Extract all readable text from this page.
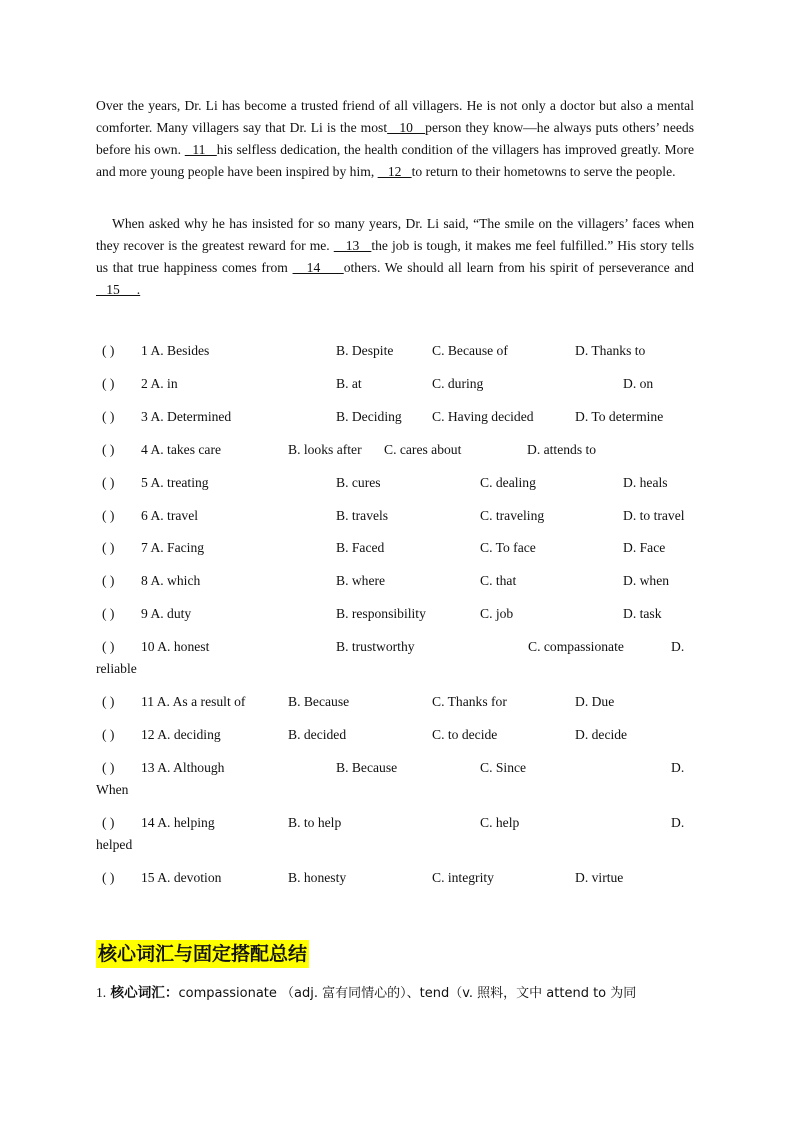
Over the years, Dr. Li has become a trusted friend of all villagers. He is not only a doctor but also a mental comforter. Many villagers say that Dr. Li is the most   10   person they know—he always puts others’ needs before his own.   11   his selfless dedication, the health condition of the villagers has improved greatly. More and more young people have been inspired by him,    12   to return to their hometowns to serve the people.

When asked why he has insisted for so many years, Dr. Li said, “The smile on the villagers’ faces when they recover is the greatest reward for me.    13   the job is tough, it makes me feel fulfilled.” His story tells us that true happiness comes from    14     others. We should all learn from his spirit of perseverance and   15     .

( ) 1 A. Besides	B. Despite	C. Because of	D. Thanks to
( ) 2 A. in	B. at	C. during	D. on
( ) 3 A. Determined	B. Deciding C. Having decided	D. To determine
( ) 4 A. takes care	B. looks after C. cares about	D. attends to
( ) 5 A. treating	B. cures	C. dealing	D. heals
( ) 6 A. travel	B. travels	C. traveling	D. to travel
( ) 7 A. Facing	B. Faced	C. To face	D. Face
( ) 8 A. which	B. where	C. that	D. when
( ) 9 A. duty	B. responsibility	C. job	D. task
( ) 10 A. honest	B. trustworthy	C. compassionate	D.
reliable
( ) 11 A. As a result of	B. Because	C. Thanks for	D. Due
( ) 12 A. deciding	B. decided	C. to decide	D. decide
( ) 13 A. Although	B. Because	C. Since	D.
When
( ) 14 A. helping	B. to help	C. help	D.
helped
( ) 15 A. devotion	B. honesty	C. integrity	D. virtue
核心词汇与固定搭配总结
1. 核心词汇：compassionate （adj. 富有同情心的）、tend（v. 照料，文中 attend to 为同
